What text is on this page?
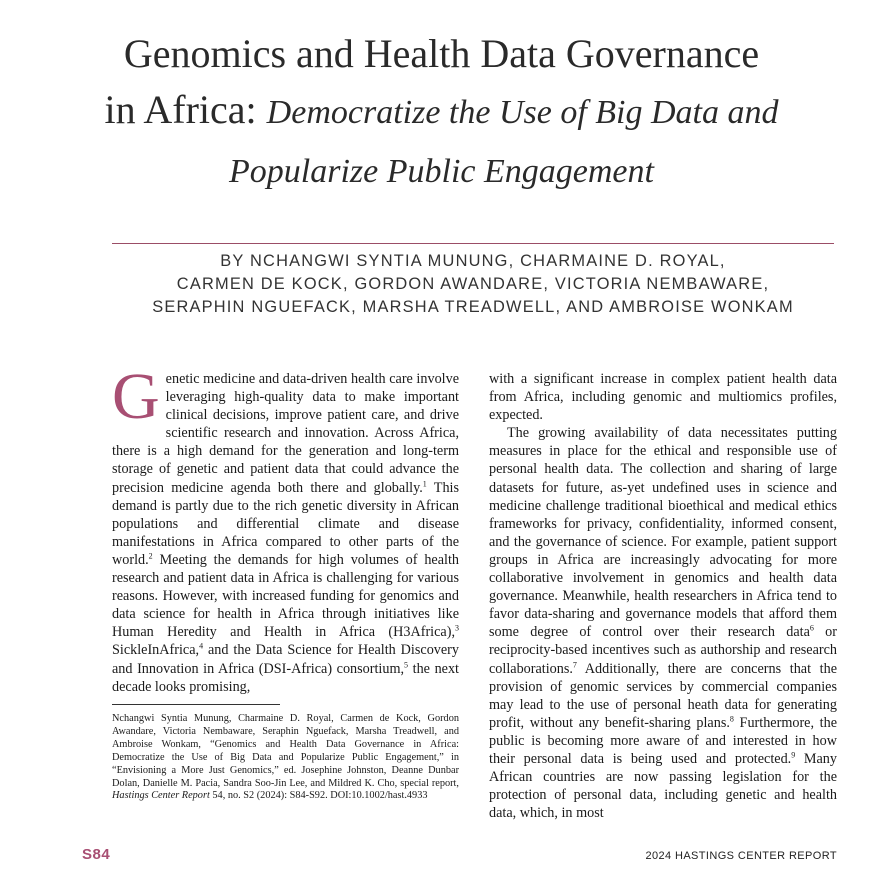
Genomics and Health Data Governance
in Africa: Democratize the Use of Big Data and
Popularize Public Engagement

BY NCHANGWI SYNTIA MUNUNG, CHARMAINE D. ROYAL,
CARMEN DE KOCK, GORDON AWANDARE, VICTORIA NEMBAWARE,
SERAPHIN NGUEFACK, MARSHA TREADWELL, AND AMBROISE WONKAM

Genetic medicine and data-driven health care involve leveraging high-quality data to make important clinical decisions, improve patient care, and drive scientific research and innovation. Across Africa, there is a high demand for the generation and long-term storage of genetic and patient data that could advance the precision medicine agenda both there and globally.$^1$ This demand is partly due to the rich genetic diversity in African populations and differential climate and disease manifestations in Africa compared to other parts of the world.$^2$ Meeting the demands for high volumes of health research and patient data in Africa is challenging for various reasons. However, with increased funding for genomics and data science for health in Africa through initiatives like Human Heredity and Health in Africa (H3Africa),$^3$ SickleInAfrica,$^4$ and the Data Science for Health Discovery and Innovation in Africa (DSI-Africa) consortium,$^5$ the next decade looks promising,

with a significant increase in complex patient health data from Africa, including genomic and multiomics profiles, expected.

The growing availability of data necessitates putting measures in place for the ethical and responsible use of personal health data. The collection and sharing of large datasets for future, as-yet undefined uses in science and medicine challenge traditional bioethical and medical ethics frameworks for privacy, confidentiality, informed consent, and the governance of science. For example, patient support groups in Africa are increasingly advocating for more collaborative involvement in genomics and health data governance. Meanwhile, health researchers in Africa tend to favor data-sharing and governance models that afford them some degree of control over their research data$^6$ or reciprocity-based incentives such as authorship and research collaborations.$^7$ Additionally, there are concerns that the provision of genomic services by commercial companies may lead to the use of personal heath data for generating profit, without any benefit-sharing plans.$^8$ Furthermore, the public is becoming more aware of and interested in how their personal data is being used and protected.$^9$ Many African countries are now passing legislation for the protection of personal data, including genetic and health data, which, in most

Nchangwi Syntia Munung, Charmaine D. Royal, Carmen de Kock, Gordon Awandare, Victoria Nembaware, Seraphin Nguefack, Marsha Treadwell, and Ambroise Wonkam, “Genomics and Health Data Governance in Africa: Democratize the Use of Big Data and Popularize Public Engagement,” in “Envisioning a More Just Genomics,” ed. Josephine Johnston, Deanne Dunbar Dolan, Danielle M. Pacia, Sandra Soo-Jin Lee, and Mildred K. Cho, special report, Hastings Center Report 54, no. S2 (2024): S84-S92. DOI:10.1002/hast.4933

S84	2024 HASTINGS CENTER REPORT
